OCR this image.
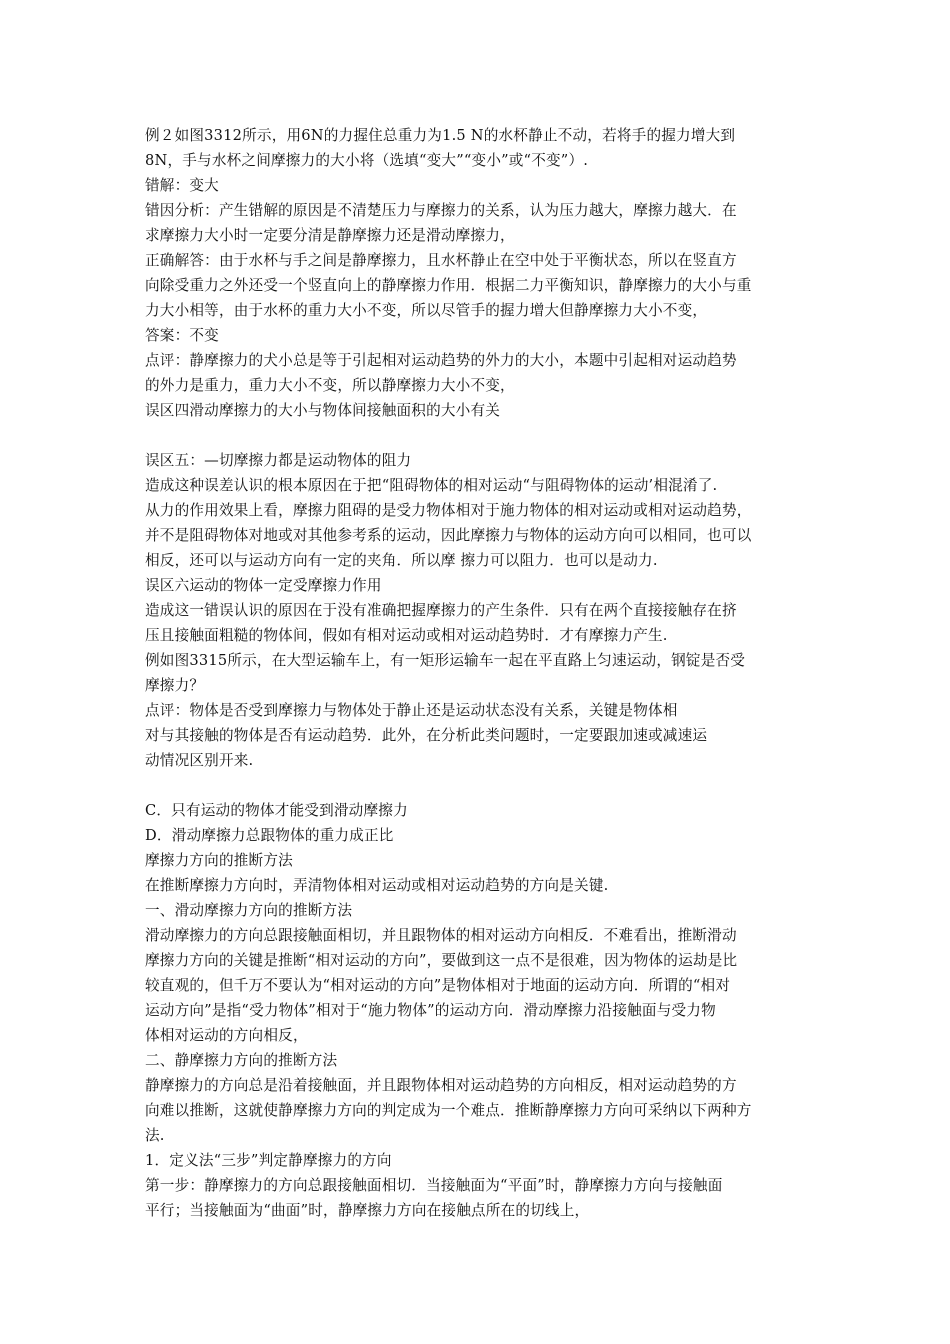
例２如图3312所示，用6N的力握住总重力为1.5 N的水杯静止不动，若将手的握力增大到
8N，手与水杯之间摩擦力的大小将（选填“变大”“变小”或“不变”）.
错解：变大
错因分析：产生错解的原因是不清楚压力与摩擦力的关系，认为压力越大，摩擦力越大．在
求摩擦力大小时一定要分清是静摩擦力还是滑动摩擦力，
正确解答：由于水杯与手之间是静摩擦力，且水杯静止在空中处于平衡状态，所以在竖直方
向除受重力之外还受一个竖直向上的静摩擦力作用．根据二力平衡知识，静摩擦力的大小与重
力大小相等，由于水杯的重力大小不变，所以尽管手的握力增大但静摩擦力大小不变，
答案：不变
点评：静摩擦力的犬小总是等于引起相对运动趋势的外力的大小，本题中引起相对运动趋势
的外力是重力，重力大小不变，所以静摩擦力大小不变，
误区四滑动摩擦力的大小与物体间接触面积的大小有关
误区五：—切摩擦力都是运动物体的阻力
造成这种误差认识的根本原因在于把“阻碍物体的相对运动“与阻碍物体的运动’相混淆了.
从力的作用效果上看，摩擦力阻碍的是受力物体相对于施力物体的相对运动或相对运动趋势，
并不是阻碍物体对地或对其他参考系的运动，因此摩擦力与物体的运动方向可以相同，也可以
相反，还可以与运动方向有一定的夹角．所以摩 擦力可以阻力．也可以是动力.
误区六运动的物体一定受摩擦力作用
造成这一错误认识的原因在于没有准确把握摩擦力的产生条件．只有在两个直接接触存在挤
压且接触面粗糙的物体间，假如有相对运动或相对运动趋势时．才有摩擦力产生.
例如图3315所示，在大型运输车上，有一矩形运输车一起在平直路上匀速运动，钢锭是否受
摩擦力？
点评：物体是否受到摩擦力与物体处于静止还是运动状态没有关系，关键是物体相
对与其接触的物体是否有运动趋势．此外，在分析此类问题时，一定要跟加速或减速运
动情况区别开来.
C．只有运动的物体才能受到滑动摩擦力
D．滑动摩擦力总跟物体的重力成正比
摩擦力方向的推断方法
在推断摩擦力方向时，弄清物体相对运动或相对运动趋势的方向是关键.
一、滑动摩擦力方向的推断方法
滑动摩擦力的方向总跟接触面相切，并且跟物体的相对运动方向相反．不难看出，推断滑动
摩擦力方向的关键是推断“相对运动的方向”，要做到这一点不是很难，因为物体的运劫是比
较直观的，但千万不要认为“相对运动的方向”是物体相对于地面的运动方向．所谓的“相对
运动方向”是指“受力物体”相对于“施力物体”的运动方向．滑动摩擦力沿接触面与受力物
体相对运动的方向相反，
二、静摩擦力方向的推断方法
静摩擦力的方向总是沿着接触面，并且跟物体相对运动趋势的方向相反，相对运动趋势的方
向难以推断，这就使静摩擦力方向的判定成为一个难点．推断静摩擦力方向可采纳以下两种方
法.
1．定义法“三步”判定静摩擦力的方向
第一步：静摩擦力的方向总跟接触面相切．当接触面为“平面”时，静摩擦力方向与接触面
平行；当接触面为“曲面”时，静摩擦力方向在接触点所在的切线上，
